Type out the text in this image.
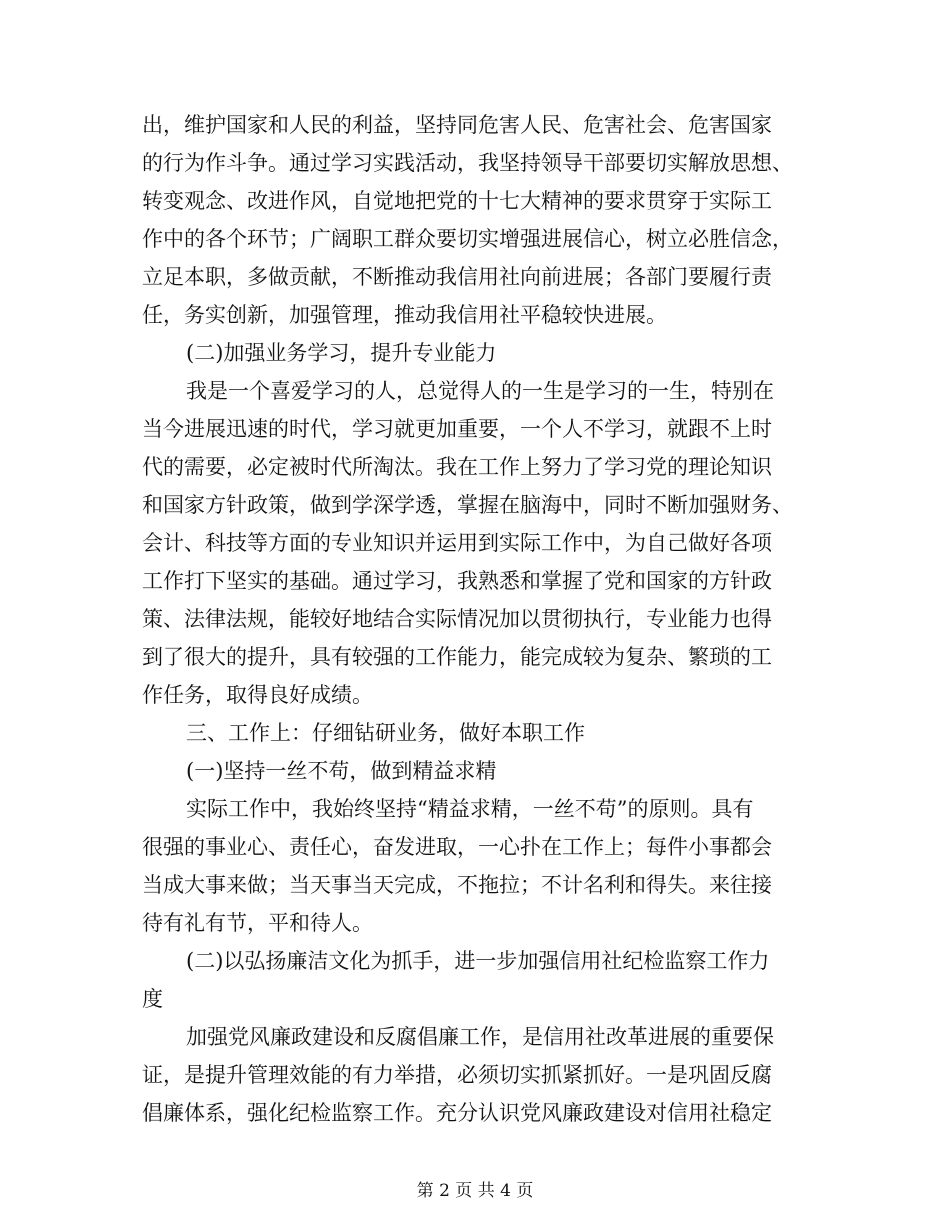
出，维护国家和人民的利益，坚持同危害人民、危害社会、危害国家
的行为作斗争。通过学习实践活动，我坚持领导干部要切实解放思想、
转变观念、改进作风，自觉地把党的十七大精神的要求贯穿于实际工
作中的各个环节；广阔职工群众要切实增强进展信心，树立必胜信念，
立足本职，多做贡献，不断推动我信用社向前进展；各部门要履行责
任，务实创新，加强管理，推动我信用社平稳较快进展。
(二)加强业务学习，提升专业能力
我是一个喜爱学习的人，总觉得人的一生是学习的一生，特别在
当今进展迅速的时代，学习就更加重要，一个人不学习，就跟不上时
代的需要，必定被时代所淘汰。我在工作上努力了学习党的理论知识
和国家方针政策，做到学深学透，掌握在脑海中，同时不断加强财务、
会计、科技等方面的专业知识并运用到实际工作中，为自己做好各项
工作打下坚实的基础。通过学习，我熟悉和掌握了党和国家的方针政
策、法律法规，能较好地结合实际情况加以贯彻执行，专业能力也得
到了很大的提升，具有较强的工作能力，能完成较为复杂、繁琐的工
作任务，取得良好成绩。
三、工作上：仔细钻研业务，做好本职工作
(一)坚持一丝不苟，做到精益求精
实际工作中，我始终坚持“精益求精，一丝不苟”的原则。具有
很强的事业心、责任心，奋发进取，一心扑在工作上；每件小事都会
当成大事来做；当天事当天完成，不拖拉；不计名利和得失。来往接
待有礼有节，平和待人。
(二)以弘扬廉洁文化为抓手，进一步加强信用社纪检监察工作力
度
加强党风廉政建设和反腐倡廉工作，是信用社改革进展的重要保
证，是提升管理效能的有力举措，必须切实抓紧抓好。一是巩固反腐
倡廉体系，强化纪检监察工作。充分认识党风廉政建设对信用社稳定
第 2 页 共 4 页
